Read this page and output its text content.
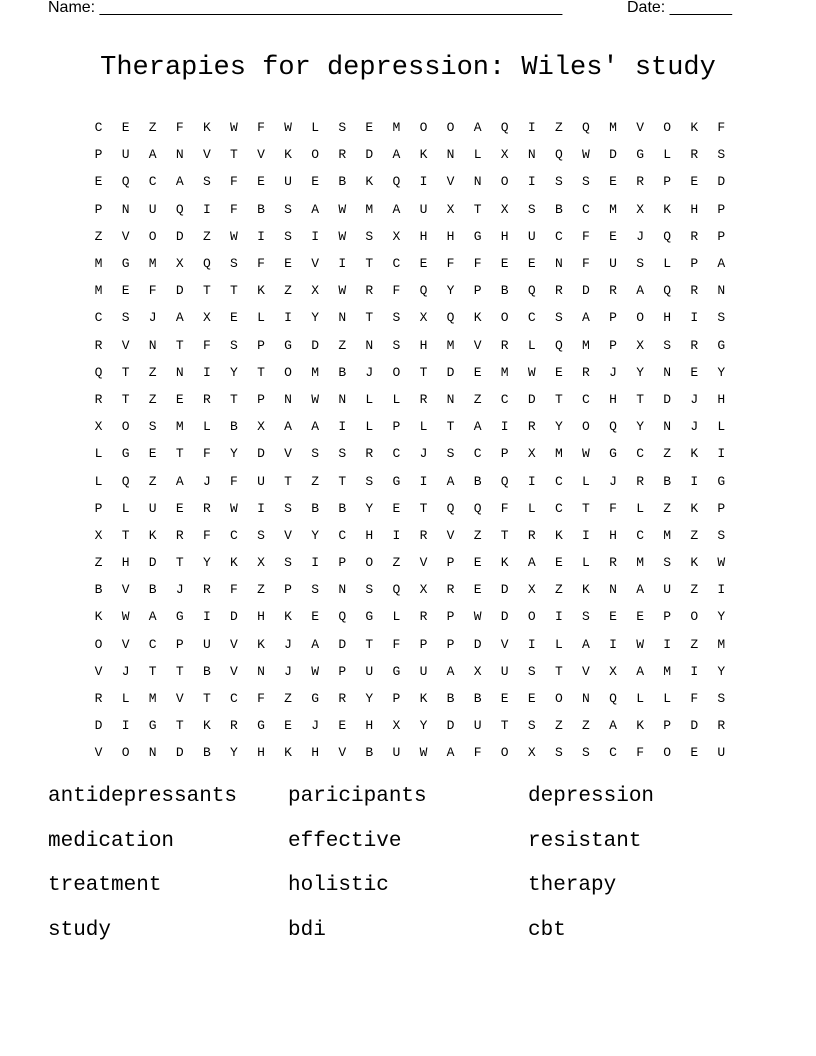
Name: ____________________________________________________	Date: _______
Therapies for depression: Wiles' study
C	E	Z	F	K	W	F	W	L	S	E	M	O	O	A	Q	I	Z	Q	M	V	O	K	F
P	U	A	N	V	T	V	K	O	R	D	A	K	N	L	X	N	Q	W	D	G	L	R	S
E	Q	C	A	S	F	E	U	E	B	K	Q	I	V	N	O	I	S	S	E	R	P	E	D
P	N	U	Q	I	F	B	S	A	W	M	A	U	X	T	X	S	B	C	M	X	K	H	P
Z	V	O	D	Z	W	I	S	I	W	S	X	H	H	G	H	U	C	F	E	J	Q	R	P
M	G	M	X	Q	S	F	E	V	I	T	C	E	F	F	E	E	N	F	U	S	L	P	A
M	E	F	D	T	T	K	Z	X	W	R	F	Q	Y	P	B	Q	R	D	R	A	Q	R	N
C	S	J	A	X	E	L	I	Y	N	T	S	X	Q	K	O	C	S	A	P	O	H	I	S
R	V	N	T	F	S	P	G	D	Z	N	S	H	M	V	R	L	Q	M	P	X	S	R	G
Q	T	Z	N	I	Y	T	O	M	B	J	O	T	D	E	M	W	E	R	J	Y	N	E	Y
R	T	Z	E	R	T	P	N	W	N	L	L	R	N	Z	C	D	T	C	H	T	D	J	H
X	O	S	M	L	B	X	A	A	I	L	P	L	T	A	I	R	Y	O	Q	Y	N	J	L
L	G	E	T	F	Y	D	V	S	S	R	C	J	S	C	P	X	M	W	G	C	Z	K	I
L	Q	Z	A	J	F	U	T	Z	T	S	G	I	A	B	Q	I	C	L	J	R	B	I	G
P	L	U	E	R	W	I	S	B	B	Y	E	T	Q	Q	F	L	C	T	F	L	Z	K	P
X	T	K	R	F	C	S	V	Y	C	H	I	R	V	Z	T	R	K	I	H	C	M	Z	S
Z	H	D	T	Y	K	X	S	I	P	O	Z	V	P	E	K	A	E	L	R	M	S	K	W
B	V	B	J	R	F	Z	P	S	N	S	Q	X	R	E	D	X	Z	K	N	A	U	Z	I
K	W	A	G	I	D	H	K	E	Q	G	L	R	P	W	D	O	I	S	E	E	P	O	Y
O	V	C	P	U	V	K	J	A	D	T	F	P	P	D	V	I	L	A	I	W	I	Z	M
V	J	T	T	B	V	N	J	W	P	U	G	U	A	X	U	S	T	V	X	A	M	I	Y
R	L	M	V	T	C	F	Z	G	R	Y	P	K	B	B	E	E	O	N	Q	L	L	F	S
D	I	G	T	K	R	G	E	J	E	H	X	Y	D	U	T	S	Z	Z	A	K	P	D	R
V	O	N	D	B	Y	H	K	H	V	B	U	W	A	F	O	X	S	S	C	F	O	E	U
antidepressants	paricipants	depression
medication	effective	resistant
treatment	holistic	therapy
study	bdi	cbt
